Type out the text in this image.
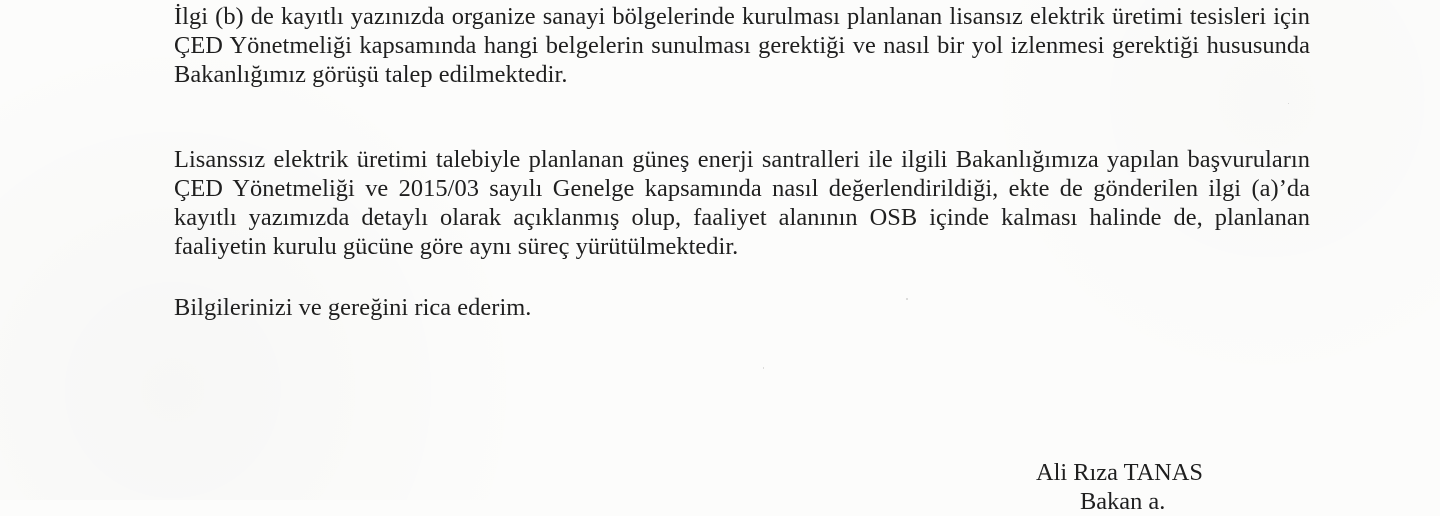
İlgi (b) de kayıtlı yazınızda organize sanayi bölgelerinde kurulması planlanan lisansız elektrik üretimi tesisleri için ÇED Yönetmeliği kapsamında hangi belgelerin sunulması gerektiği ve nasıl bir yol izlenmesi gerektiği hususunda Bakanlığımız görüşü talep edilmektedir.

Lisanssız elektrik üretimi talebiyle planlanan güneş enerji santralleri ile ilgili Bakanlığımıza yapılan başvuruların ÇED Yönetmeliği ve 2015/03 sayılı Genelge kapsamında nasıl değerlendirildiği, ekte de gönderilen ilgi (a)’da kayıtlı yazımızda detaylı olarak açıklanmış olup, faaliyet alanının OSB içinde kalması halinde de, planlanan faaliyetin kurulu gücüne göre aynı süreç yürütülmektedir.

Bilgilerinizi ve gereğini rica ederim.

Ali Rıza TANAS

Bakan a.
